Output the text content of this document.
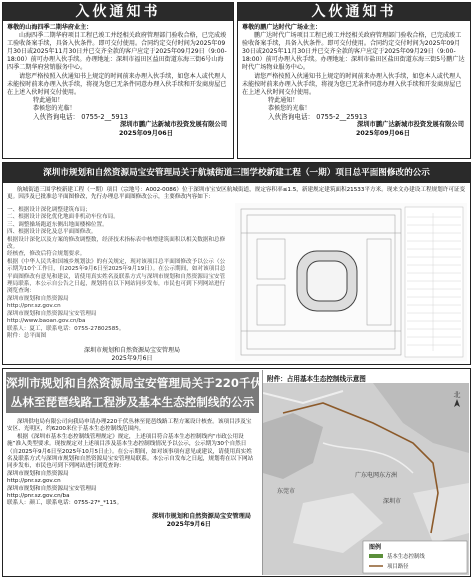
入伙通知书
尊敬的山海四季二期华府业主：
山海四季二期华府项目工程已竣工并经相关政府管理部门验收合格，已完成竣工验收备案手续，具备入伙条件。即可交付使用。合同约定交付时间为2025年09月30日或2025年11月30日并已交齐全款的客户应定于2025年09月29日（9:00-18:00）前可办理入伙手续。办理地址：深圳市福田区益田街道东海三街6号山海四季二期华府营销服务中心。
请您严格按照入伙通知书上规定的时间前来办理入伙手续，如您本人或代理人未能按时前来办理入伙手续，将视为您已无条件同意办理入伙手续和开发商房屋已在上述入伙时间交付使用。
特此通知！
恭候您的光临！
入伙咨询电话： 0755-2__5913
深圳市鹏广达新城市投资发展有限公司
2025年09月06日
入伙通知书
尊敬的鹏广达时代广场业主：
鹏广达时代广场项目工程已竣工并经相关政府管理部门验收合格，已完成竣工验收备案手续，具备入伙条件。即可交付使用。合同约定交付时间为2025年09月30日或2025年11月30日并已交齐全款的客户应定于2025年09月29日（9:00-18:00）前可办理入伙手续。办理地址：深圳市盐田区盐田街道东海三街5号鹏广达时代广场物业服务中心。
请您严格按照入伙通知书上规定的时间前来办理入伙手续，如您本人或代理人未能按时前来办理入伙手续，将视为您已无条件同意办理入伙手续和开发商房屋已在上述入伙时间交付使用。
特此通知！
恭候您的光临！
入伙咨询电话： 0755-2__25913
深圳市鹏广达新城市投资发展有限公司
2025年09月06日
深圳市规划和自然资源局宝安管理局关于航城街道三围学校新建工程（一期）项目总平面图修改的公示
航城街道三围学校新建工程（一期）项目（宗地号：A002-0086）位于深圳市宝安区航城街道，规定容积率≤1.5，新建规定建筑面积21533平方米。现来文办建设工程规划许可证变更。因涉及已批准总平面图修改，先行办理总平面图修改公示，主要修改内容如下：
一、根据设计深化调整建筑布局；
二、根据设计深化优化地面非机动车位布局。
三、调整操场跑道东侧出地面楼梯位置。
四、根据设计深化及总平面图修改。
根据设计深化以及方案的修改调整数，经济技术指标表中核增建筑面积以相关数据和总修改。
经核查，修改后符合规划要求。
根据《中华人民共和国城乡规划法》的有关规定，现对该项目总平面图修改予以公示（公示期为10个工作日，自2025年9月6日至2025年9月19日）。在公示期间，如对该项目总平面图修改有意见和建议，请使用真实姓名及联系方式与深圳市规划和自然资源局宝安管理局联系，本公示自公告之日起，规划将在以下网站同步发布，市民也可到下列网站进行浏览查询：
深圳市规划和自然资源局
http://pnr.sz.gov.cn
深圳市规划和自然资源局宝安管理局
http://www.baoan.gov.cn/ba
联系人：夏工，联系电话：0755-27802585。
附件：总平面图
深圳市规划和自然资源局宝安管理局
2025年9月6日
深圳市规划和自然资源局宝安管理局关于220千伏
丛林至琵琶线路工程涉及基本生态控制线的公示
深圳供电局有限公司向我局申请办理220千伏丛林至琵琶线路工程方案设计核查。该项目涉及宝安区、光明区，约6200米位于基本生态控制线范围内。
根据《深圳市基本生态控制线管理规定》规定，上述项目符合基本生态控制线内“市政公用设施”准入类型要求。现按规定对上述项目涉及基本生态控制线情况予以公示，公示期为30个自然日（自2025年9月6日至2025年10月5日止）。在公示期间，如对该事项有意见或建议，请使用真实姓名及联系方式与深圳市规划和自然资源局宝安管理局联系。本公示自发布之日起，规划将在以下网站同步发布，市民也可到下列网站进行浏览查询：
深圳市规划和自然资源局
http://pnr.sz.gov.cn
深圳市规划和自然资源局宝安管理局
http://pnr.sz.gov.cn/ba
联系人：颜工，联系电话：0755-27*_*115。
深圳市规划和自然资源局宝安管理局
2025年9月6日
附件：占用基本生态控制线示意图
北
广东电网东方洲
深圳市
东莞市
图例
基本生态控制线
项目路径
